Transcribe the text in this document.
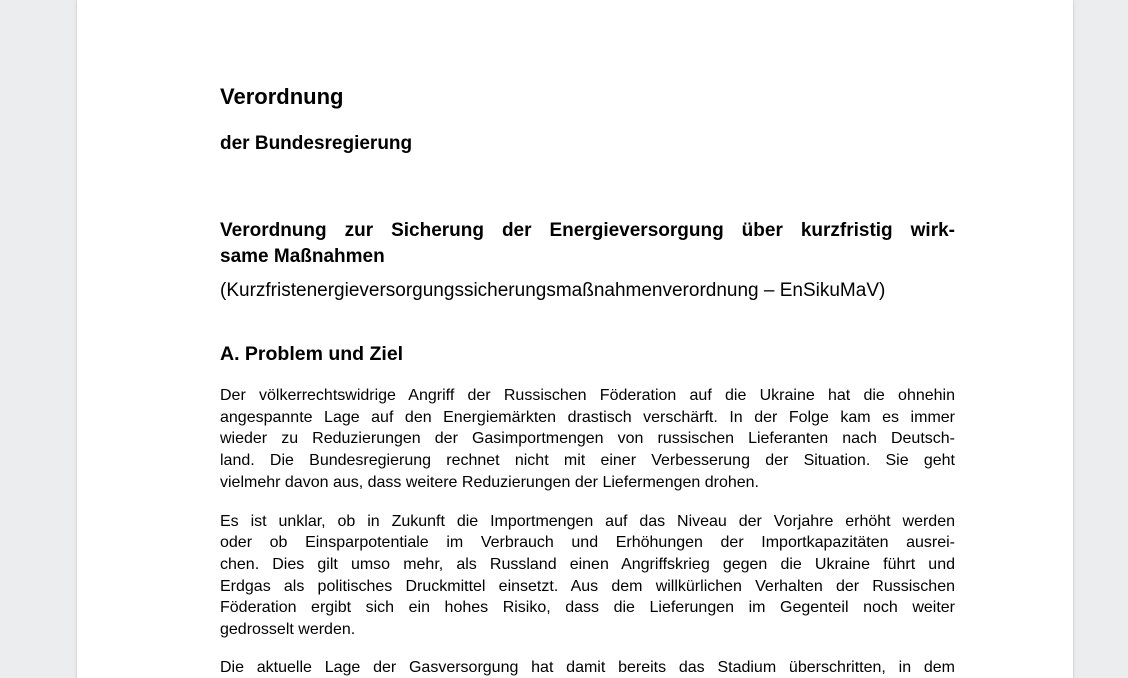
Verordnung
der Bundesregierung
Verordnung zur Sicherung der Energieversorgung über kurzfristig wirk-
same Maßnahmen
(Kurzfristenergieversorgungssicherungsmaßnahmenverordnung – EnSikuMaV)
A. Problem und Ziel
Der völkerrechtswidrige Angriff der Russischen Föderation auf die Ukraine hat die ohnehin
angespannte Lage auf den Energiemärkten drastisch verschärft. In der Folge kam es immer
wieder zu Reduzierungen der Gasimportmengen von russischen Lieferanten nach Deutsch-
land. Die Bundesregierung rechnet nicht mit einer Verbesserung der Situation. Sie geht
vielmehr davon aus, dass weitere Reduzierungen der Liefermengen drohen.
Es ist unklar, ob in Zukunft die Importmengen auf das Niveau der Vorjahre erhöht werden
oder ob Einsparpotentiale im Verbrauch und Erhöhungen der Importkapazitäten ausrei-
chen. Dies gilt umso mehr, als Russland einen Angriffskrieg gegen die Ukraine führt und
Erdgas als politisches Druckmittel einsetzt. Aus dem willkürlichen Verhalten der Russischen
Föderation ergibt sich ein hohes Risiko, dass die Lieferungen im Gegenteil noch weiter
gedrosselt werden.
Die aktuelle Lage der Gasversorgung hat damit bereits das Stadium überschritten, in dem
